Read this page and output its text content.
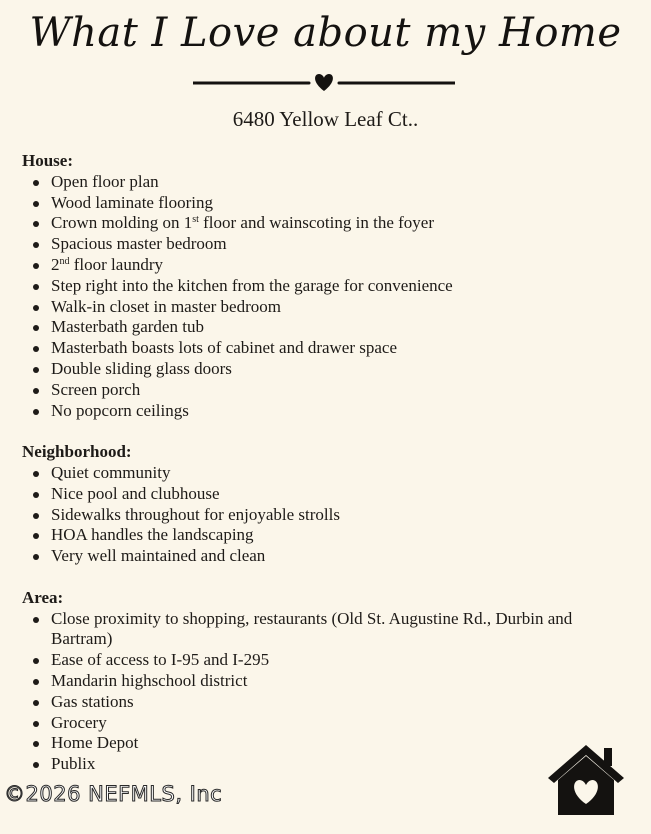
What I Love about my Home
6480 Yellow Leaf Ct..
House:
Open floor plan
Wood laminate flooring
Crown molding on 1st floor and wainscoting in the foyer
Spacious master bedroom
2nd floor laundry
Step right into the kitchen from the garage for convenience
Walk-in closet in master bedroom
Masterbath garden tub
Masterbath boasts lots of cabinet and drawer space
Double sliding glass doors
Screen porch
No popcorn ceilings
Neighborhood:
Quiet community
Nice pool and clubhouse
Sidewalks throughout for enjoyable strolls
HOA handles the landscaping
Very well maintained and clean
Area:
Close proximity to shopping, restaurants (Old St. Augustine Rd., Durbin and Bartram)
Ease of access to I-95 and I-295
Mandarin highschool district
Gas stations
Grocery
Home Depot
Publix
©2026 NEFMLS, Inc
